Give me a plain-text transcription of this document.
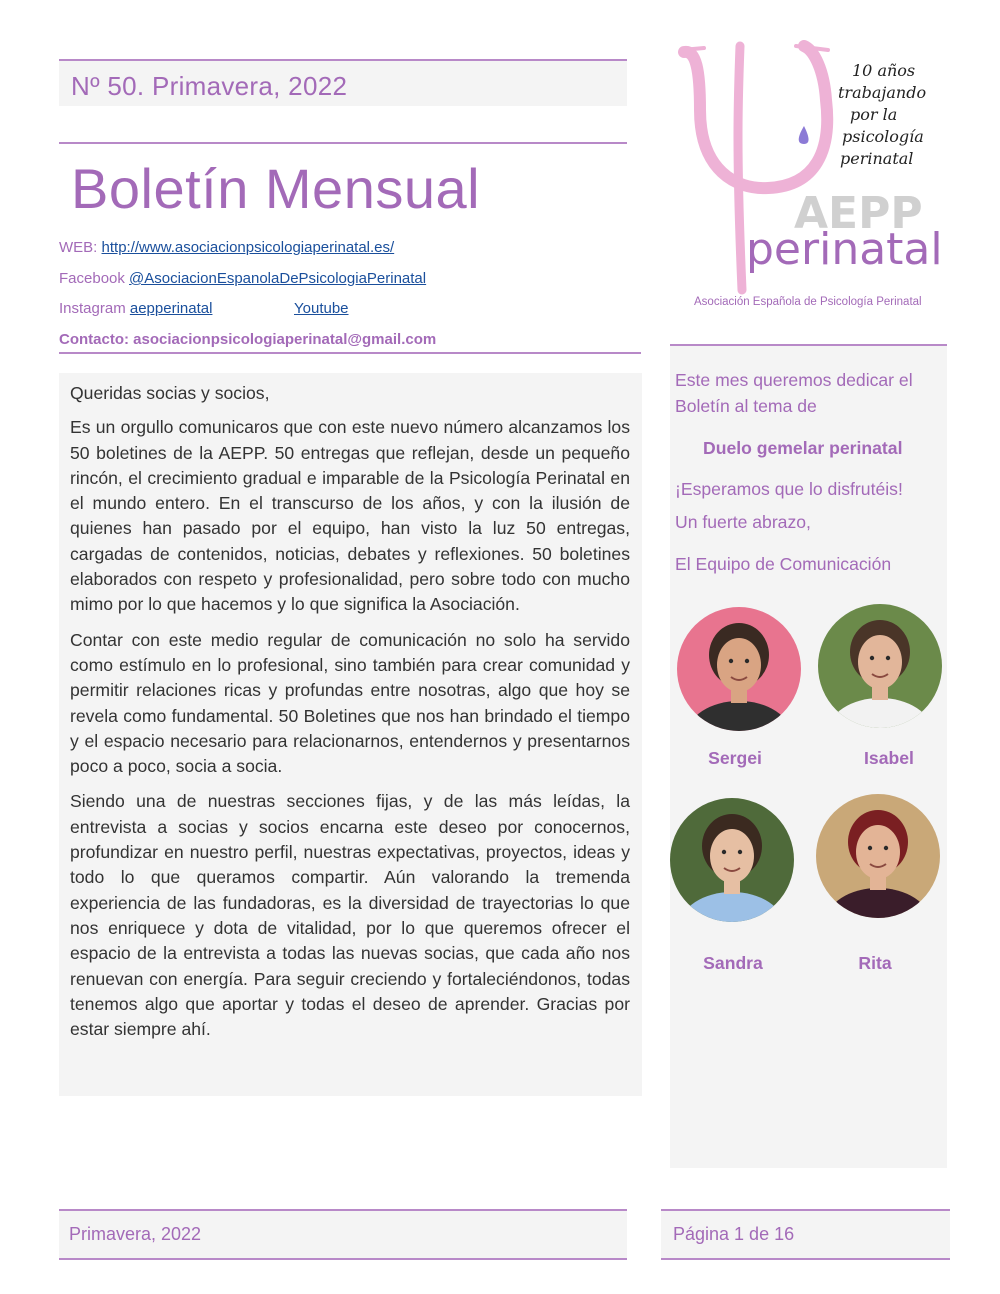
Nº 50. Primavera, 2022
Boletín Mensual
WEB: http://www.asociacionpsicologiaperinatal.es/
Facebook @AsociacionEspanolaDePsicologiaPerinatal
Instagram aepperinatal	Youtube
Contacto: asociacionpsicologiaperinatal@gmail.com

Queridas socias y socios,

Es un orgullo comunicaros que con este nuevo número alcanzamos los 50 boletines de la AEPP. 50 entregas que reflejan, desde un pequeño rincón, el crecimiento gradual e imparable de la Psicología Perinatal en el mundo entero. En el transcurso de los años, y con la ilusión de quienes han pasado por el equipo, han visto la luz 50 entregas, cargadas de contenidos, noticias, debates y reflexiones. 50 boletines elaborados con respeto y profesionalidad, pero sobre todo con mucho mimo por lo que hacemos y lo que significa la Asociación.

Contar con este medio regular de comunicación no solo ha servido como estímulo en lo profesional, sino también para crear comunidad y permitir relaciones ricas y profundas entre nosotras, algo que hoy se revela como fundamental. 50 Boletines que nos han brindado el tiempo y el espacio necesario para relacionarnos, entendernos y presentarnos poco a poco, socia a socia.

Siendo una de nuestras secciones fijas, y de las más leídas, la entrevista a socias y socios encarna este deseo por conocernos, profundizar en nuestro perfil, nuestras expectativas, proyectos, ideas y todo lo que queramos compartir. Aún valorando la tremenda experiencia de las fundadoras, es la diversidad de trayectorias lo que nos enriquece y dota de vitalidad, por lo que queremos ofrecer el espacio de la entrevista a todas las nuevas socias, que cada año nos renuevan con energía. Para seguir creciendo y fortaleciéndonos, todas tenemos algo que aportar y todas el deseo de aprender. Gracias por estar siempre ahí.

10 años
trabajando
por la
psicología
perinatal
AEPP
perinatal
Asociación Española de Psicología Perinatal
Este mes queremos dedicar el
Boletín al tema de
Duelo gemelar perinatal
¡Esperamos que lo disfrutéis!
Un fuerte abrazo,
El Equipo de Comunicación
Sergei	Isabel
Sandra	Rita
Primavera, 2022	Página 1 de 16
